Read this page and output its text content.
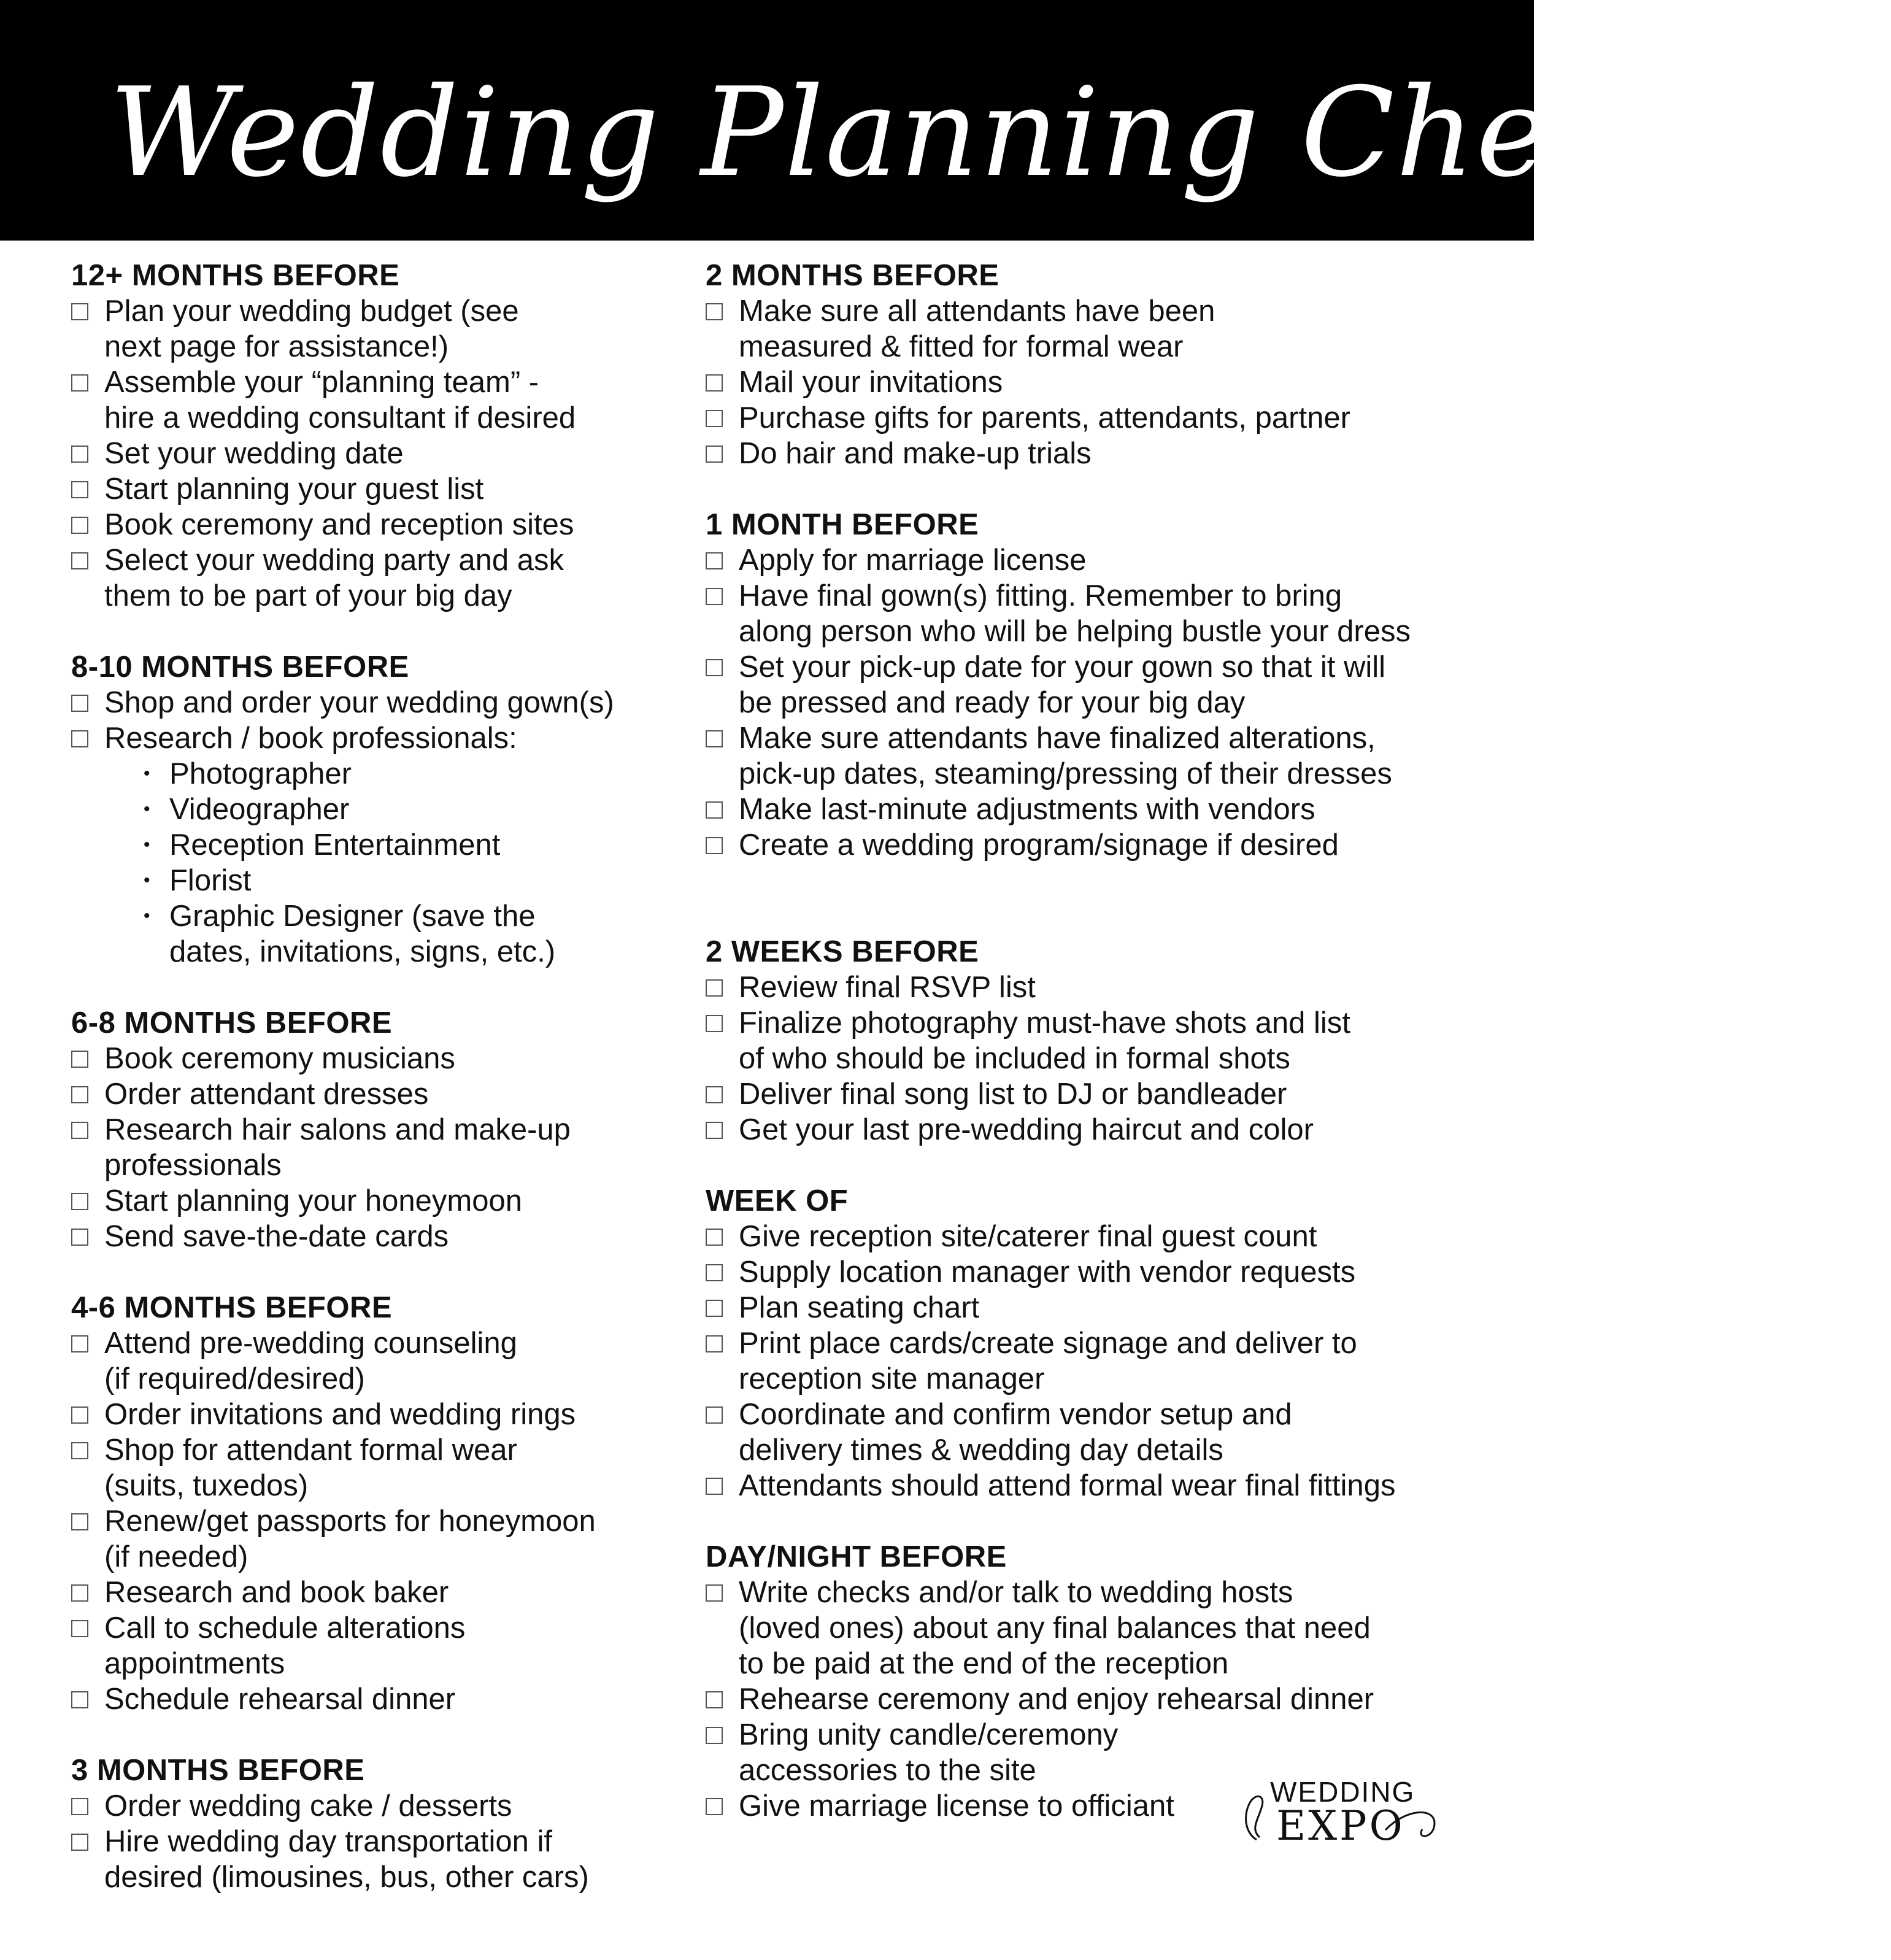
Wedding Planning Checklist
12+ MONTHS BEFORE
Plan your wedding budget (see
next page for assistance!)
Assemble your “planning team” -
hire a wedding consultant if desired
Set your wedding date
Start planning your guest list
Book ceremony and reception sites
Select your wedding party and ask
them to be part of your big day
8-10 MONTHS BEFORE
Shop and order your wedding gown(s)
Research / book professionals:
• Photographer
• Videographer
• Reception Entertainment
• Florist
• Graphic Designer (save the
dates, invitations, signs, etc.)
6-8 MONTHS BEFORE
Book ceremony musicians
Order attendant dresses
Research hair salons and make-up
professionals
Start planning your honeymoon
Send save-the-date cards
4-6 MONTHS BEFORE
Attend pre-wedding counseling
(if required/desired)
Order invitations and wedding rings
Shop for attendant formal wear
(suits, tuxedos)
Renew/get passports for honeymoon
(if needed)
Research and book baker
Call to schedule alterations
appointments
Schedule rehearsal dinner
3 MONTHS BEFORE
Order wedding cake / desserts
Hire wedding day transportation if
desired (limousines, bus, other cars)
2 MONTHS BEFORE
Make sure all attendants have been
measured & fitted for formal wear
Mail your invitations
Purchase gifts for parents, attendants, partner
Do hair and make-up trials
1 MONTH BEFORE
Apply for marriage license
Have final gown(s) fitting. Remember to bring
along person who will be helping bustle your dress
Set your pick-up date for your gown so that it will
be pressed and ready for your big day
Make sure attendants have finalized alterations,
pick-up dates, steaming/pressing of their dresses
Make last-minute adjustments with vendors
Create a wedding program/signage if desired
2 WEEKS BEFORE
Review final RSVP list
Finalize photography must-have shots and list
of who should be included in formal shots
Deliver final song list to DJ or bandleader
Get your last pre-wedding haircut and color
WEEK OF
Give reception site/caterer final guest count
Supply location manager with vendor requests
Plan seating chart
Print place cards/create signage and deliver to
reception site manager
Coordinate and confirm vendor setup and
delivery times & wedding day details
Attendants should attend formal wear final fittings
DAY/NIGHT BEFORE
Write checks and/or talk to wedding hosts
(loved ones) about any final balances that need
to be paid at the end of the reception
Rehearse ceremony and enjoy rehearsal dinner
Bring unity candle/ceremony
accessories to the site
Give marriage license to officiant	WEDDING
EXPO
